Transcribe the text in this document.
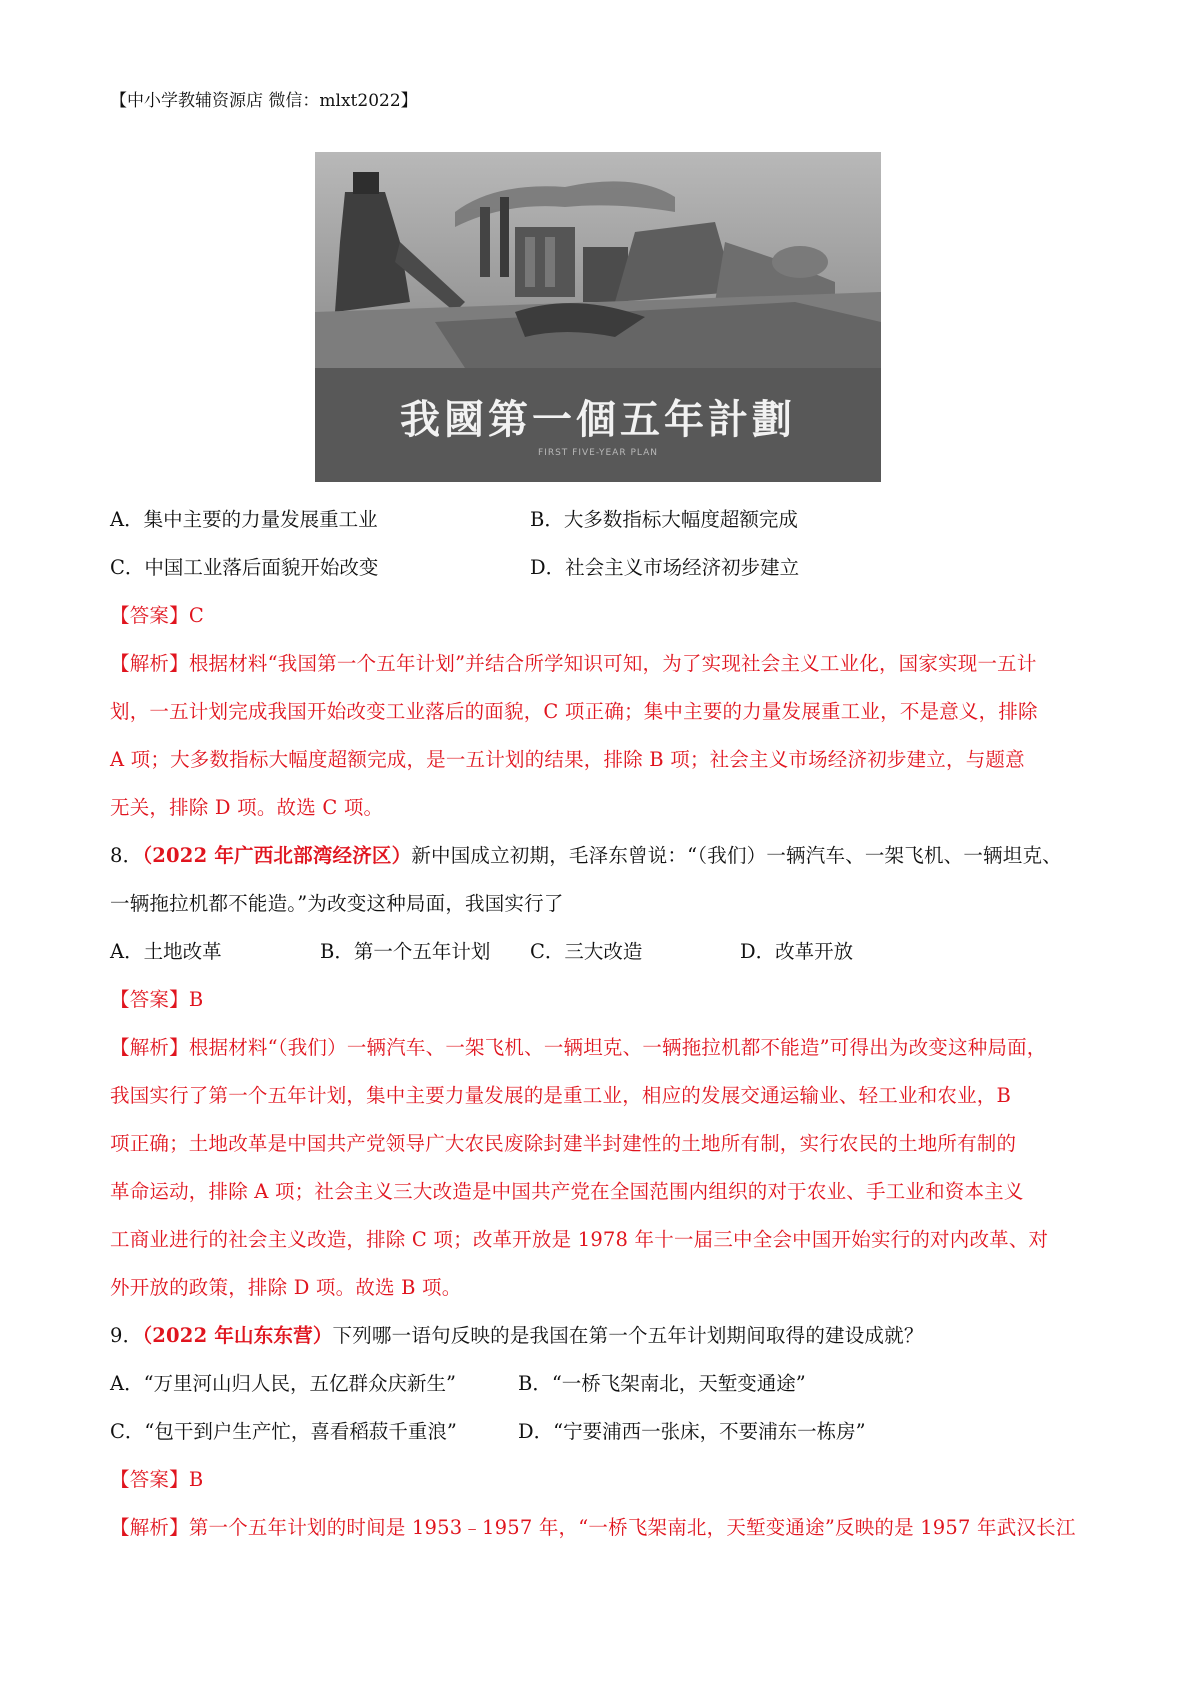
【中小学教辅资源店 微信：mlxt2022】
我國第一個五年計劃
FIRST FIVE-YEAR PLAN
A．集中主要的力量发展重工业	B．大多数指标大幅度超额完成
C．中国工业落后面貌开始改变	D．社会主义市场经济初步建立
【答案】C
【解析】根据材料“我国第一个五年计划”并结合所学知识可知，为了实现社会主义工业化，国家实现一五计
划，一五计划完成我国开始改变工业落后的面貌，C 项正确；集中主要的力量发展重工业，不是意义，排除
A 项；大多数指标大幅度超额完成，是一五计划的结果，排除 B 项；社会主义市场经济初步建立，与题意
无关，排除 D 项。故选 C 项。
8．（2022 年广西北部湾经济区）新中国成立初期，毛泽东曾说：“（我们）一辆汽车、一架飞机、一辆坦克、
一辆拖拉机都不能造。”为改变这种局面，我国实行了
A．土地改革	B．第一个五年计划 C．三大改造	D．改革开放
【答案】B
【解析】根据材料“（我们）一辆汽车、一架飞机、一辆坦克、一辆拖拉机都不能造”可得出为改变这种局面，
我国实行了第一个五年计划，集中主要力量发展的是重工业，相应的发展交通运输业、轻工业和农业，B
项正确；土地改革是中国共产党领导广大农民废除封建半封建性的土地所有制，实行农民的土地所有制的
革命运动，排除 A 项；社会主义三大改造是中国共产党在全国范围内组织的对于农业、手工业和资本主义
工商业进行的社会主义改造，排除 C 项；改革开放是 1978 年十一届三中全会中国开始实行的对内改革、对
外开放的政策，排除 D 项。故选 B 项。
9．（2022 年山东东营）下列哪一语句反映的是我国在第一个五年计划期间取得的建设成就？
A．“万里河山归人民，五亿群众庆新生”	B．“一桥飞架南北，天堑变通途”
C．“包干到户生产忙，喜看稻菽千重浪”	D．“宁要浦西一张床，不要浦东一栋房”
【答案】B
【解析】第一个五年计划的时间是 1953﹣1957 年，“一桥飞架南北，天堑变通途”反映的是 1957 年武汉长江
